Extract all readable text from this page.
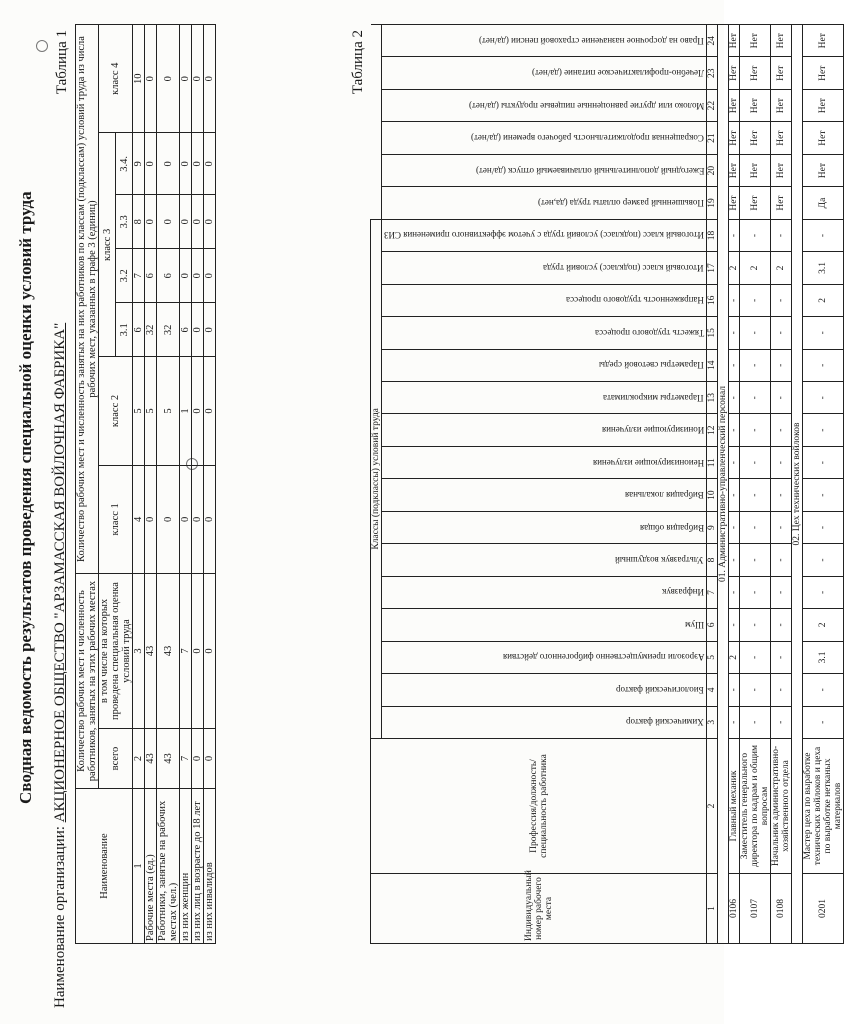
Сводная ведомость результатов проведения специальной оценки условий труда
Наименование организации: АКЦИОНЕРНОЕ ОБЩЕСТВО "АРЗАМАССКАЯ ВОЙЛОЧНАЯ ФАБРИКА"
Таблица 1
Наименование	Количество рабочих мест и численность работников, занятых на этих рабочих местах		Количество рабочих мест и численность занятых на них работников по классам (подклассам) условий труда из числа рабочих мест, указанных в графе 3 (единиц)						
	всего	в том числе на которых проведена специальная оценка условий труда	класс 1	класс 2	класс 3				класс 4
					3.1	3.2	3.3	3.4.	
1	2	3	4	5	6	7	8	9	10
Рабочие места (ед.)	43	43	0	5	32	6	0	0	0
Работники, занятые на рабочих местах (чел.)	43	43	0	5	32	6	0	0	0
из них женщин	7	7	0	1	6	0	0	0	0
из них лиц в возрасте до 18 лет	0	0	0	0	0	0	0	0	0
из них инвалидов	0	0	0	0	0	0	0	0	0	Таблица 2
Индивидуальный номер рабочего места	Профессия/должность/специальность работника	Классы (подклассы) условий труда																					

		Химический фактор	Биологический фактор	Аэрозоли преимущественно фиброгенного действия	Шум	Инфразвук	Ультразвук воздушный	Вибрация общая	Вибрация локальная	Неионизирующие излучения	Ионизирующие излучения	Параметры микроклимата	Параметры световой среды	Тяжесть трудового процесса	Напряженность трудового процесса	Итоговый класс (подкласс) условий труда	Итоговый класс (подкласс) условий труда с учетом эффективного применения СИЗ	Повышенный размер оплаты труда (да,нет)	Ежегодный дополнительный оплачиваемый отпуск (да/нет)	Сокращенная продолжительность рабочего времени (да/нет)	Молоко или другие равноценные пищевые продукты (да/нет)	Лечебно-профилактическое питание (да/нет)	Право на досрочное назначение страховой пенсии (да/нет)

1	2	3	4	5	6	7	8	9	10	11	12	13	14	15	16	17	18	19	20	21	22	23	24
01. Административно-управленческий персонал																							
0106	Главный механик	-	-	2	-	-	-	-	-	-	-	-	-	-	-	2	-	Нет	Нет	Нет	Нет	Нет	Нет
0107	Заместитель генерального директора по кадрам и общим вопросам	-	-	-	-	-	-	-	-	-	-	-	-	-	-	2	-	Нет	Нет	Нет	Нет	Нет	Нет
0108	Начальник административно-хозяйственного отдела	-	-	-	-	-	-	-	-	-	-	-	-	-	-	2	-	Нет	Нет	Нет	Нет	Нет	Нет
02. Цех технических войлоков																							
0201	Мастер цеха по выработке технических войлоков и цеха по выработке нетканых материалов	-	-	3.1	2	-	-	-	-	-	-	-	-	-	2	3.1	-	Да	Нет	Нет	Нет	Нет	Нет
